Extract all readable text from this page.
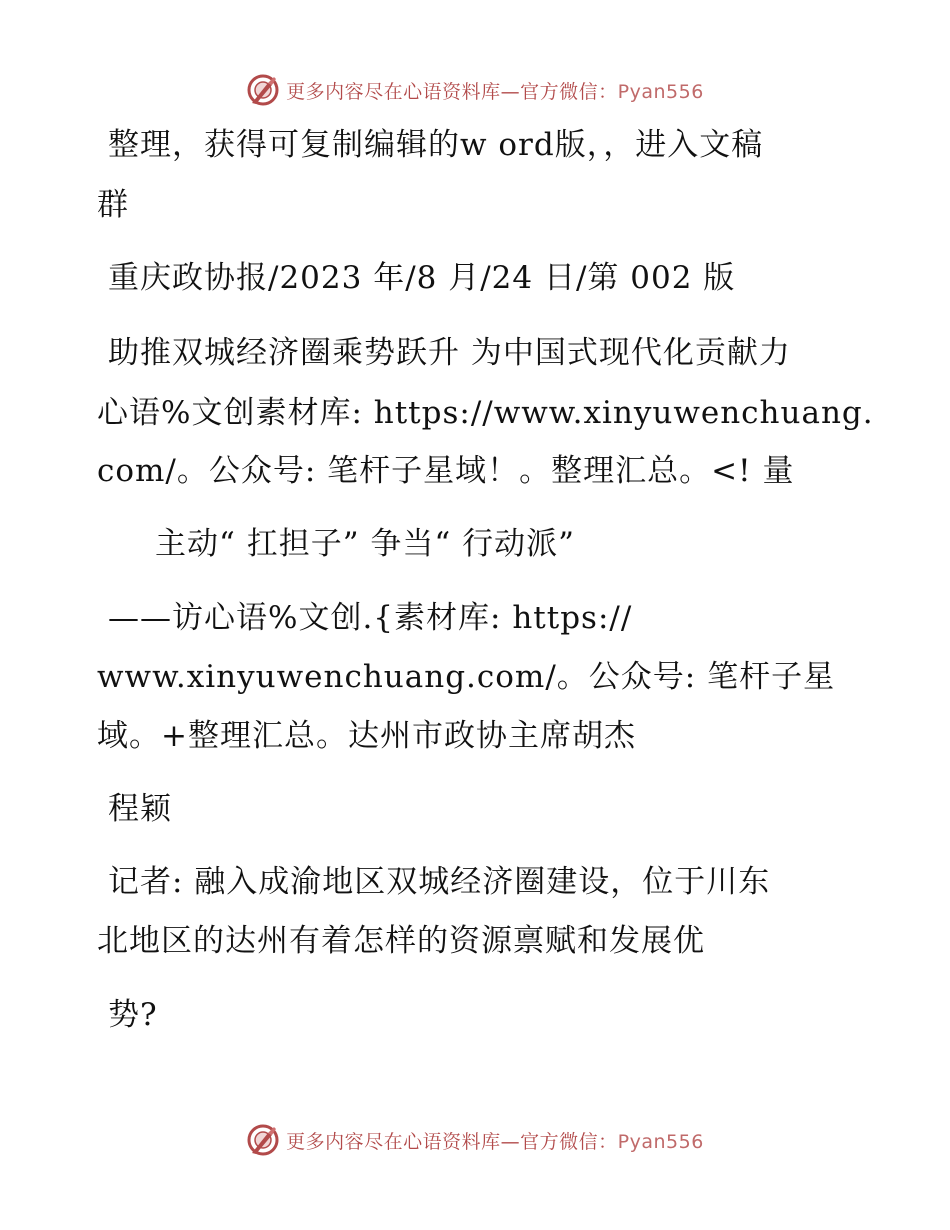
更多内容尽在心语资料库—官方微信：Pyan556
整理，获得可复制编辑的w ord版，，进入文稿
群
重庆政协报/2023 年/8 月/24 日/第 002 版
助推双城经济圈乘势跃升 为中国式现代化贡献力
心语%文创素材库: https://www.xinyuwenchuang.
com/。公众号: 笔杆子星域！。整理汇总。<! 量
主动“ 扛担子” 争当“ 行动派”
——访心语%文创.{素材库: https://
www.xinyuwenchuang.com/。公众号: 笔杆子星
域。+整理汇总。达州市政协主席胡杰
程颖
记者: 融入成渝地区双城经济圈建设，位于川东
北地区的达州有着怎样的资源禀赋和发展优
势?
更多内容尽在心语资料库—官方微信：Pyan556
